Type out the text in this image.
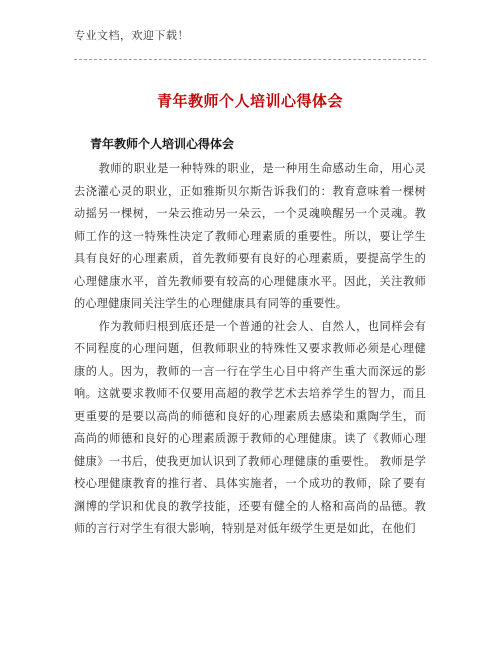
专业文档，欢迎下载！
青年教师个人培训心得体会
青年教师个人培训心得体会

教师的职业是一种特殊的职业，是一种用生命感动生命，用心灵去浇灌心灵的职业，正如雅斯贝尔斯告诉我们的：教育意味着一棵树动摇另一棵树，一朵云推动另一朵云，一个灵魂唤醒另一个灵魂。教师工作的这一特殊性决定了教师心理素质的重要性。所以，要让学生具有良好的心理素质，首先教师要有良好的心理素质，要提高学生的心理健康水平，首先教师要有较高的心理健康水平。因此，关注教师的心理健康同关注学生的心理健康具有同等的重要性。

作为教师归根到底还是一个普通的社会人、自然人，也同样会有不同程度的心理问题，但教师职业的特殊性又要求教师必须是心理健康的人。因为，教师的一言一行在学生心目中将产生重大而深远的影响。这就要求教师不仅要用高超的教学艺术去培养学生的智力，而且更重要的是要以高尚的师德和良好的心理素质去感染和熏陶学生，而高尚的师德和良好的心理素质源于教师的心理健康。读了《教师心理健康》一书后，使我更加认识到了教师心理健康的重要性。 教师是学校心理健康教育的推行者、具体实施者，一个成功的教师，除了要有渊博的学识和优良的教学技能，还要有健全的人格和高尚的品德。教师的言行对学生有很大影响，特别是对低年级学生更是如此，在他们
